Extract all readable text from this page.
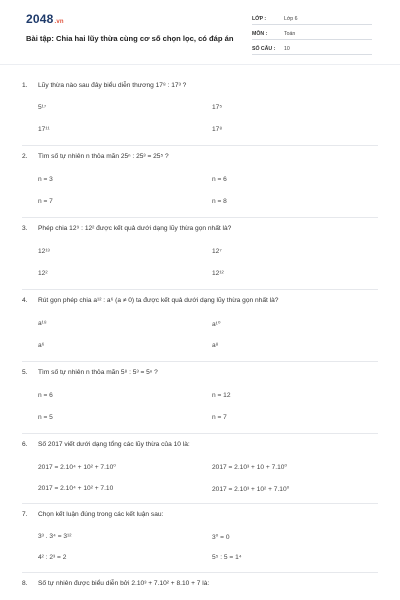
2048.vn
Bài tập: Chia hai lũy thừa cùng cơ số chọn lọc, có đáp án
LỚP :	Lớp 6
MÔN :	Toán
SỐ CÂU :	10
1. Lũy thừa nào sau đây biểu diễn thương 17⁸ : 17³ ?
5¹⁷	17⁵
17¹¹	17⁸
2. Tìm số tự nhiên n thỏa mãn 25ⁿ : 25³ = 25⁵ ?
n = 3	n = 6
n = 7	n = 8
3. Phép chia 12⁹ : 12² được kết quả dưới dạng lũy thừa gọn nhất là?
12¹³	12⁷
12²	12¹²
4. Rút gọn phép chia a¹² : a⁶ (a ≠ 0) ta được kết quả dưới dạng lũy thừa gọn nhất là?
a¹⁸	a¹⁰
a⁶	a⁸
5. Tìm số tự nhiên n thỏa mãn 5⁸ : 5³ = 5ⁿ ?
n = 6	n = 12
n = 5	n = 7
6. Số 2017 viết dưới dạng tổng các lũy thừa của 10 là:
2017 = 2.10⁴ + 10² + 7.10⁰	2017 = 2.10³ + 10 + 7.10⁰
2017 = 2.10⁴ + 10² + 7.10	2017 = 2.10³ + 10² + 7.10⁰
7. Chọn kết luận đúng trong các kết luận sau:
3³ . 3⁴ = 3¹²	3⁰ = 0
4² : 2³ = 2	5⁵ : 5 = 1⁴
8. Số tự nhiên được biểu diễn bởi 2.10³ + 7.10² + 8.10 + 7 là:
